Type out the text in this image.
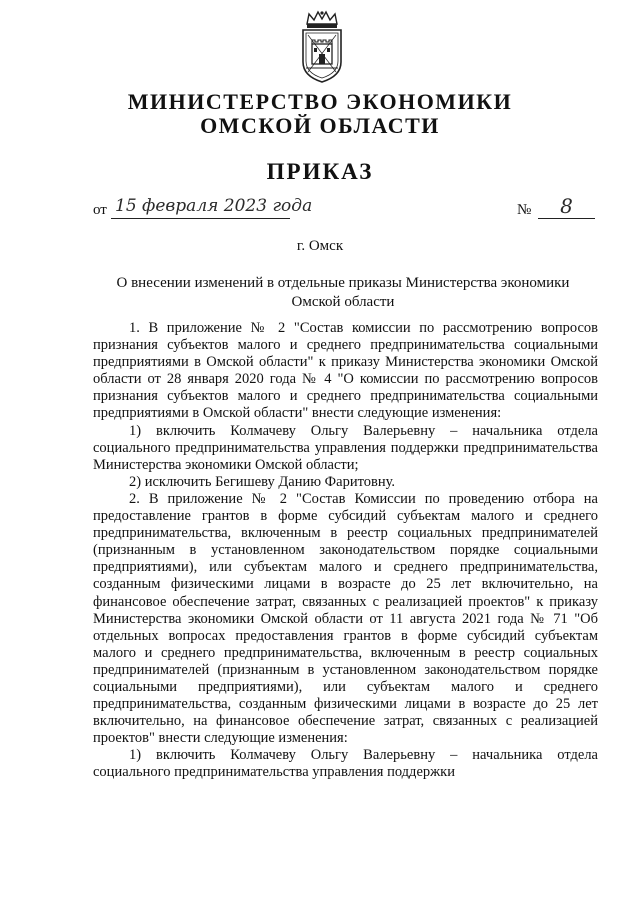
МИНИСТЕРСТВО ЭКОНОМИКИ
ОМСКОЙ ОБЛАСТИ
ПРИКАЗ
от 15 февраля 2023 года	№	8
г. Омск
О внесении изменений в отдельные приказы Министерства экономики Омской области

1. В приложение № 2 "Состав комиссии по рассмотрению вопросов признания субъектов малого и среднего предпринимательства социальными предприятиями в Омской области" к приказу Министерства экономики Омской области от 28 января 2020 года № 4 "О комиссии по рассмотрению вопросов признания субъектов малого и среднего предпринимательства социальными предприятиями в Омской области" внести следующие изменения:

1) включить Колмачеву Ольгу Валерьевну – начальника отдела социального предпринимательства управления поддержки предпринимательства Министерства экономики Омской области;

2) исключить Бегишеву Данию Фаритовну.

2. В приложение № 2 "Состав Комиссии по проведению отбора на предоставление грантов в форме субсидий субъектам малого и среднего предпринимательства, включенным в реестр социальных предпринимателей (признанным в установленном законодательством порядке социальными предприятиями), или субъектам малого и среднего предпринимательства, созданным физическими лицами в возрасте до 25 лет включительно, на финансовое обеспечение затрат, связанных с реализацией проектов" к приказу Министерства экономики Омской области от 11 августа 2021 года № 71 "Об отдельных вопросах предоставления грантов в форме субсидий субъектам малого и среднего предпринимательства, включенным в реестр социальных предпринимателей (признанным в установленном законодательством порядке социальными предприятиями), или субъектам малого и среднего предпринимательства, созданным физическими лицами в возрасте до 25 лет включительно, на финансовое обеспечение затрат, связанных с реализацией проектов" внести следующие изменения:

1) включить Колмачеву Ольгу Валерьевну – начальника отдела социального предпринимательства управления поддержки
